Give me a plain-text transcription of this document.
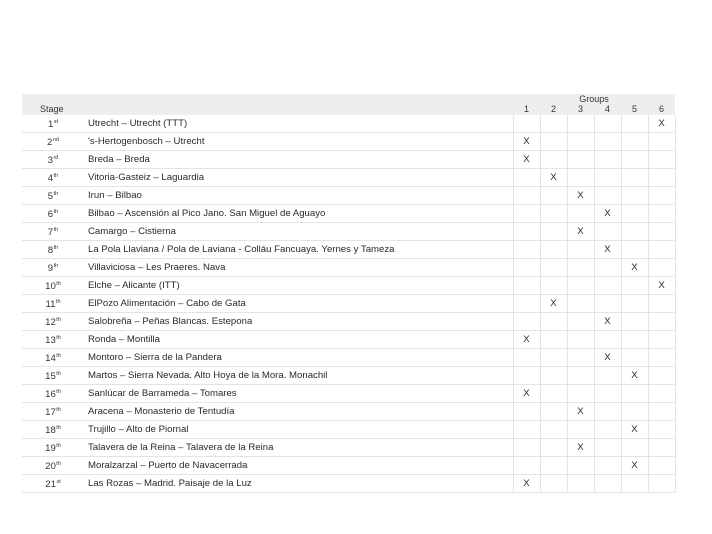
		Groups					
Stage		1	2	3	4	5	6
1st	Utrecht – Utrecht (TTT)						X
2nd	's-Hertogenbosch – Utrecht	X					
3rd	Breda – Breda	X					
4th	Vitoria-Gasteiz – Laguardia		X				
5th	Irun – Bilbao			X			
6th	Bilbao – Ascensión al Pico Jano. San Miguel de Aguayo				X		
7th	Camargo – Cistierna			X			
8th	La Pola Llaviana / Pola de Laviana - Colláu Fancuaya. Yernes y Tameza				X		
9th	Villaviciosa – Les Praeres. Nava					X	
10th	Elche – Alicante (ITT)						X
11th	ElPozo Alimentación – Cabo de Gata		X				
12th	Salobreña – Peñas Blancas. Estepona				X		
13th	Ronda – Montilla	X					
14th	Montoro – Sierra de la Pandera				X		
15th	Martos – Sierra Nevada. Alto Hoya de la Mora. Monachil					X	
16th	Sanlúcar de Barrameda – Tomares	X					
17th	Aracena – Monasterio de Tentudía			X			
18th	Trujillo – Alto de Piornal					X	
19th	Talavera de la Reina – Talavera de la Reina			X			
20th	Moralzarzal – Puerto de Navacerrada					X	
21st	Las Rozas – Madrid. Paisaje de la Luz	X					
